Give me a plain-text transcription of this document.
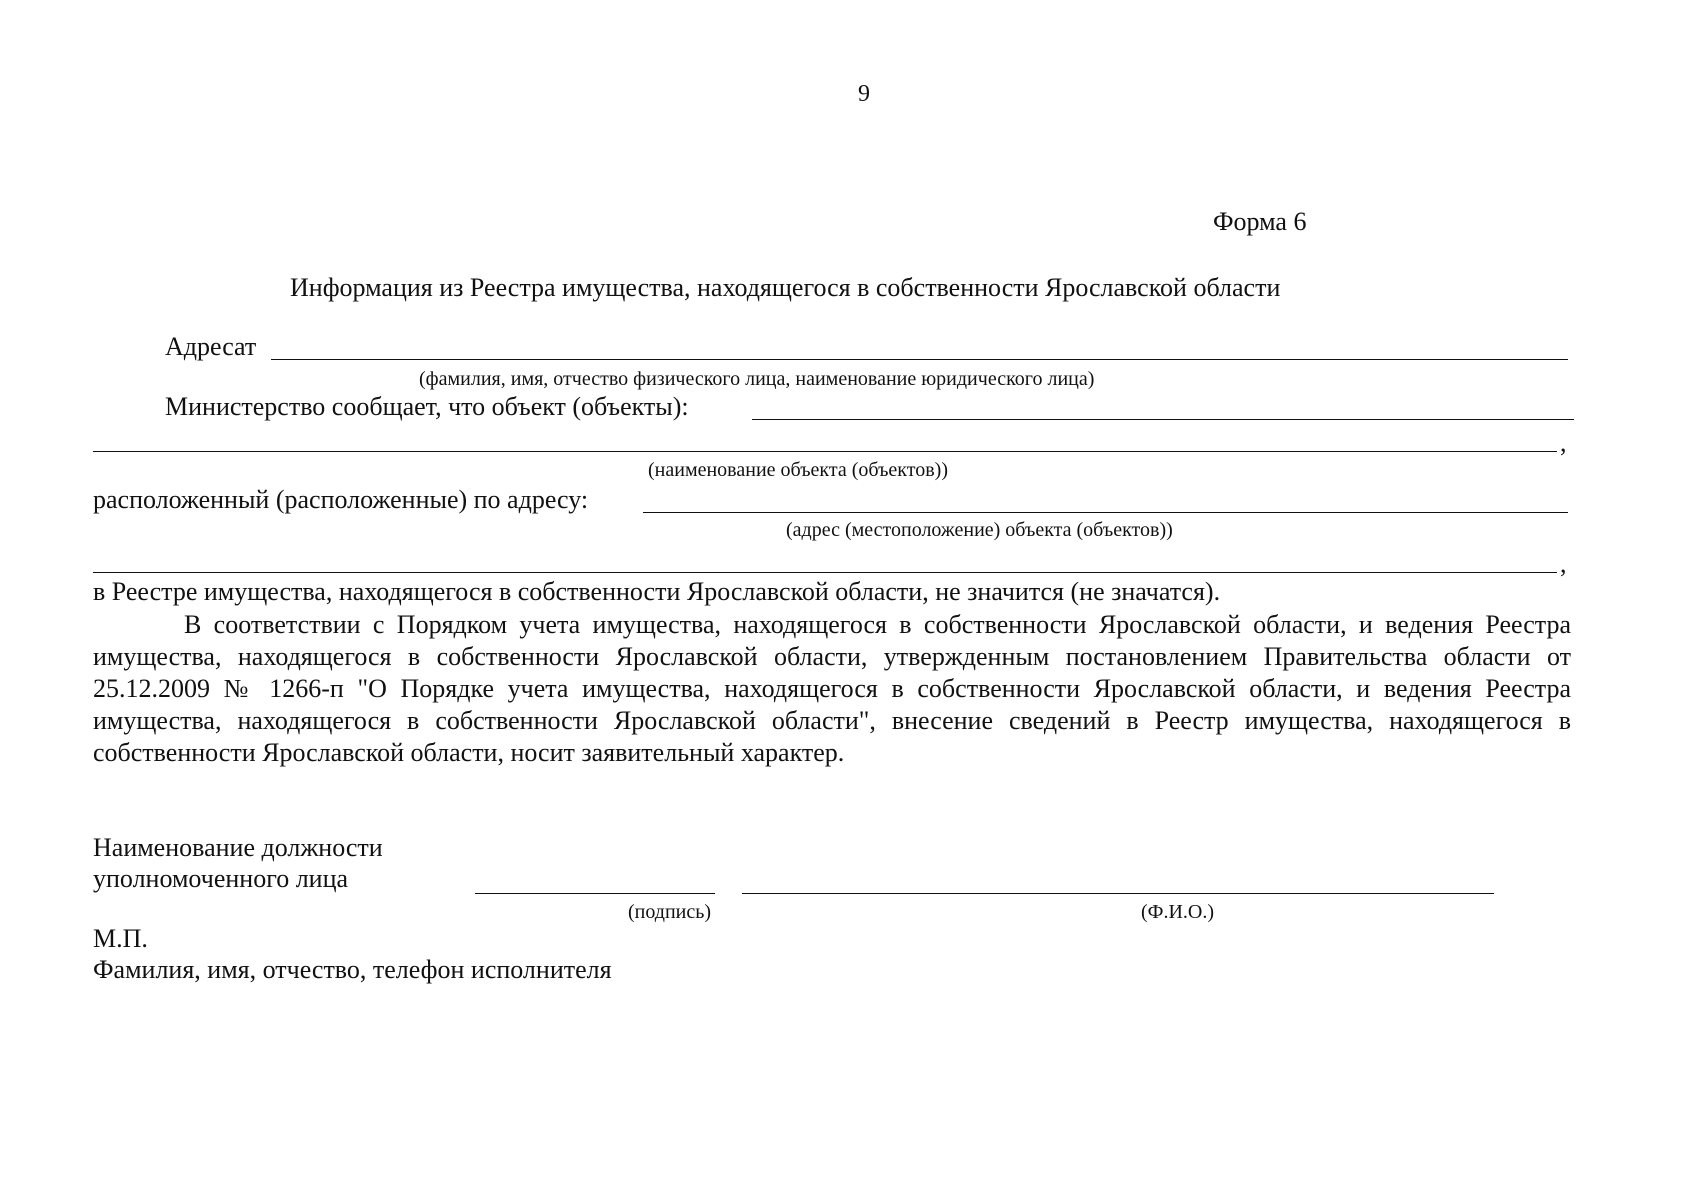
9
Форма 6
Информация из Реестра имущества, находящегося в собственности Ярославской области
Адресат
(фамилия, имя, отчество физического лица, наименование юридического лица)
Министерство сообщает, что объект (объекты):
,
(наименование объекта (объектов))
расположенный (расположенные) по адресу:
(адрес (местоположение) объекта (объектов))
,
в Реестре имущества, находящегося в собственности Ярославской области, не значится (не значатся).
В соответствии с Порядком учета имущества, находящегося в собственности Ярославской области, и ведения Реестра имущества, находящегося в собственности Ярославской области, утвержденным постановлением Правительства области от 25.12.2009 № 1266-п "О Порядке учета имущества, находящегося в собственности Ярославской области, и ведения Реестра имущества, находящегося в собственности Ярославской области", внесение сведений в Реестр имущества, находящегося в собственности Ярославской области, носит заявительный характер.
Наименование должности
уполномоченного лица
(подпись)	(Ф.И.О.)
М.П.
Фамилия, имя, отчество, телефон исполнителя
